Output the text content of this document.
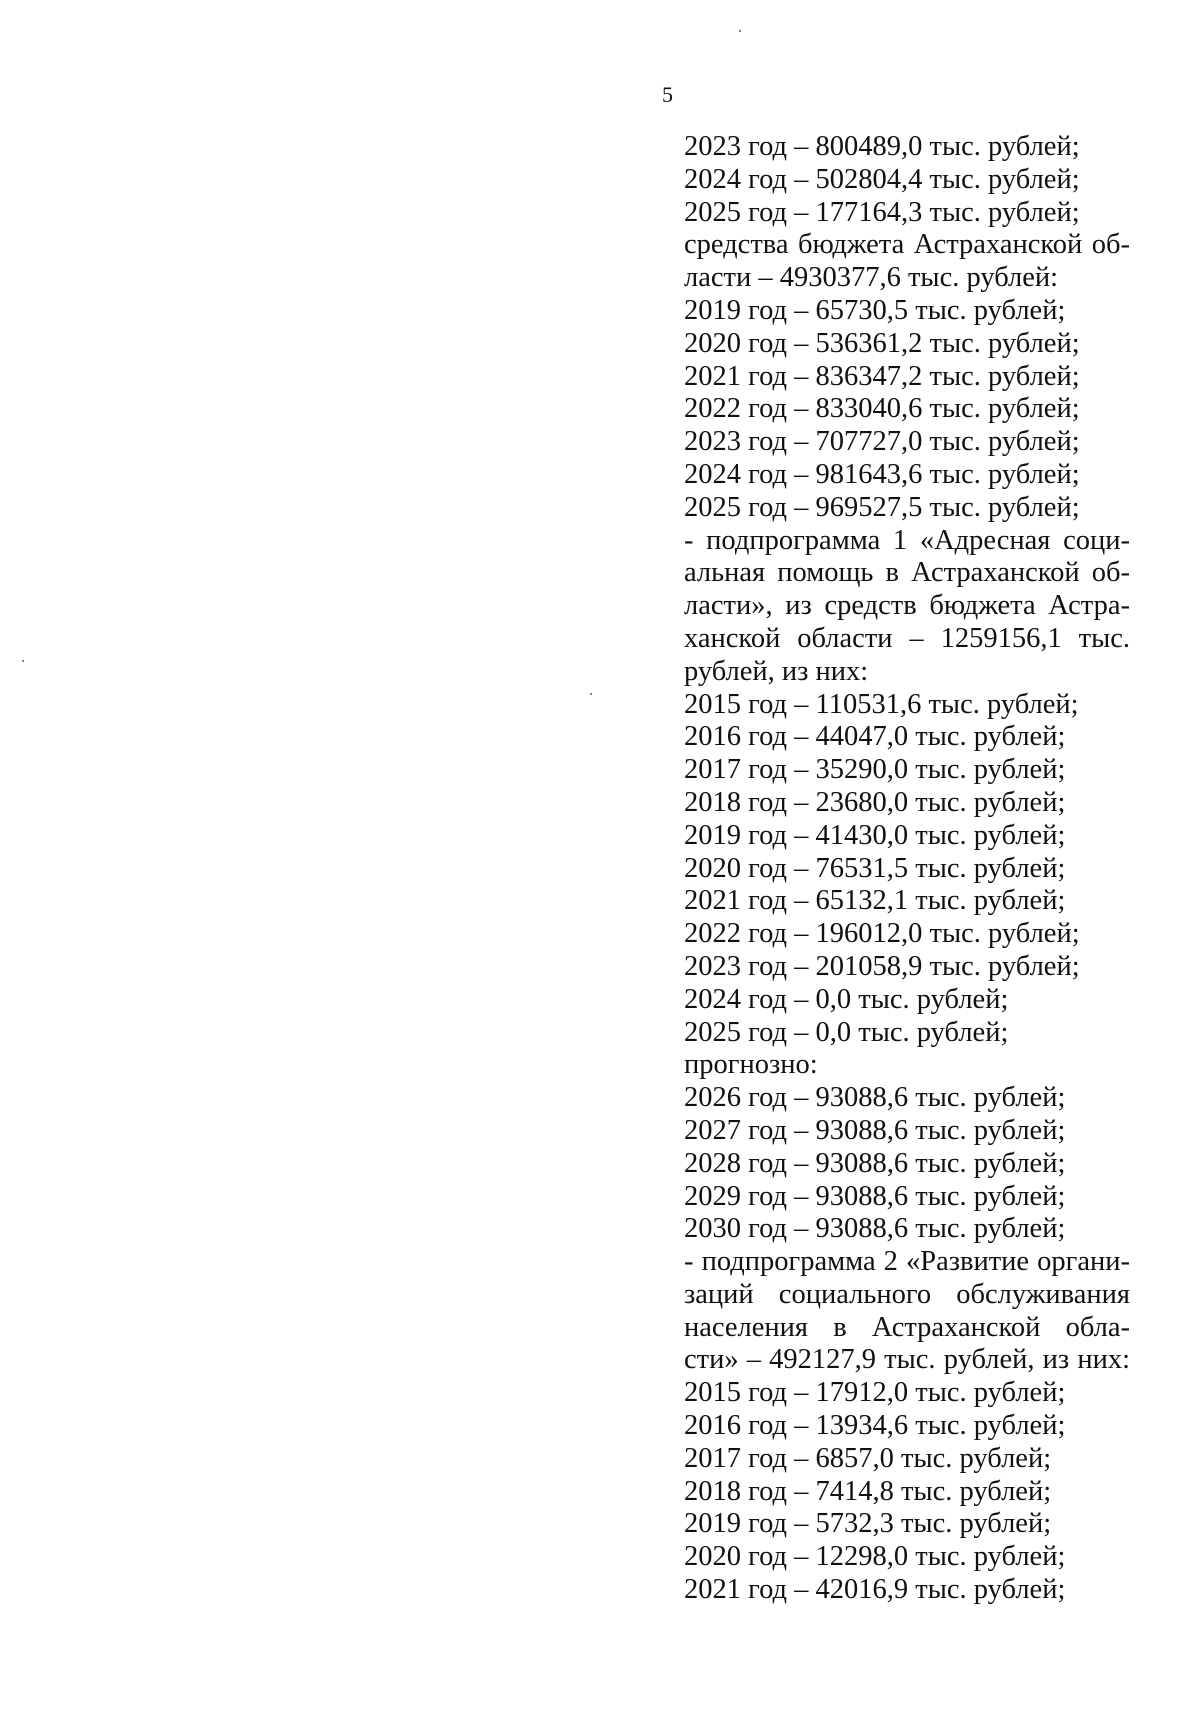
5
2023 год – 800489,0 тыс. рублей;
2024 год – 502804,4 тыс. рублей;
2025 год – 177164,3 тыс. рублей;
средства бюджета Астраханской об-
ласти – 4930377,6 тыс. рублей:
2019 год – 65730,5 тыс. рублей;
2020 год – 536361,2 тыс. рублей;
2021 год – 836347,2 тыс. рублей;
2022 год – 833040,6 тыс. рублей;
2023 год – 707727,0 тыс. рублей;
2024 год – 981643,6 тыс. рублей;
2025 год – 969527,5 тыс. рублей;
- подпрограмма 1 «Адресная соци-
альная помощь в Астраханской об-
ласти», из средств бюджета Астра-
ханской области – 1259156,1 тыс.
рублей, из них:
2015 год – 110531,6 тыс. рублей;
2016 год – 44047,0 тыс. рублей;
2017 год – 35290,0 тыс. рублей;
2018 год – 23680,0 тыс. рублей;
2019 год – 41430,0 тыс. рублей;
2020 год – 76531,5 тыс. рублей;
2021 год – 65132,1 тыс. рублей;
2022 год – 196012,0 тыс. рублей;
2023 год – 201058,9 тыс. рублей;
2024 год – 0,0 тыс. рублей;
2025 год – 0,0 тыс. рублей;
прогнозно:
2026 год – 93088,6 тыс. рублей;
2027 год – 93088,6 тыс. рублей;
2028 год – 93088,6 тыс. рублей;
2029 год – 93088,6 тыс. рублей;
2030 год – 93088,6 тыс. рублей;
- подпрограмма 2 «Развитие органи-
заций социального обслуживания
населения в Астраханской обла-
сти» – 492127,9 тыс. рублей, из них:
2015 год – 17912,0 тыс. рублей;
2016 год – 13934,6 тыс. рублей;
2017 год – 6857,0 тыс. рублей;
2018 год – 7414,8 тыс. рублей;
2019 год – 5732,3 тыс. рублей;
2020 год – 12298,0 тыс. рублей;
2021 год – 42016,9 тыс. рублей;
